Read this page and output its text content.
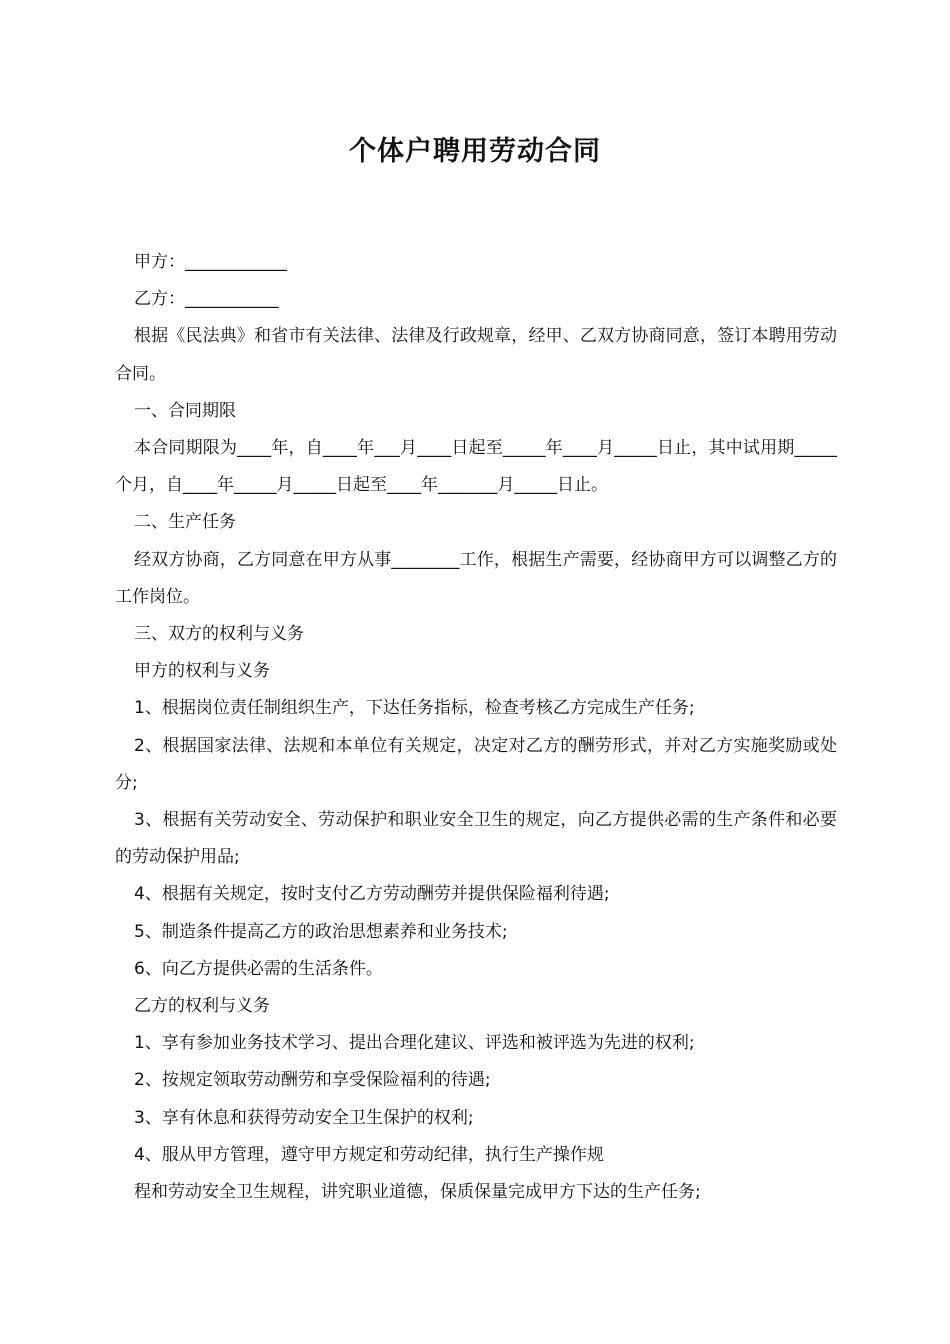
个体户聘用劳动合同

甲方：____________

乙方：___________

根据《民法典》和省市有关法律、法律及行政规章，经甲、乙双方协商同意，签订本聘用劳动合同。

一、合同期限

本合同期限为____年，自____年___月____日起至_____年____月_____日止，其中试用期_____个月，自____年_____月_____日起至____年_______月_____日止。

二、生产任务

经双方协商，乙方同意在甲方从事________工作，根据生产需要，经协商甲方可以调整乙方的工作岗位。

三、双方的权利与义务

甲方的权利与义务

1、根据岗位责任制组织生产，下达任务指标，检查考核乙方完成生产任务;

2、根据国家法律、法规和本单位有关规定，决定对乙方的酬劳形式，并对乙方实施奖励或处分;

3、根据有关劳动安全、劳动保护和职业安全卫生的规定，向乙方提供必需的生产条件和必要的劳动保护用品;

4、根据有关规定，按时支付乙方劳动酬劳并提供保险福利待遇;

5、制造条件提高乙方的政治思想素养和业务技术;

6、向乙方提供必需的生活条件。

乙方的权利与义务

1、享有参加业务技术学习、提出合理化建议、评选和被评选为先进的权利;

2、按规定领取劳动酬劳和享受保险福利的待遇;

3、享有休息和获得劳动安全卫生保护的权利;

4、服从甲方管理，遵守甲方规定和劳动纪律，执行生产操作规

程和劳动安全卫生规程，讲究职业道德，保质保量完成甲方下达的生产任务;
